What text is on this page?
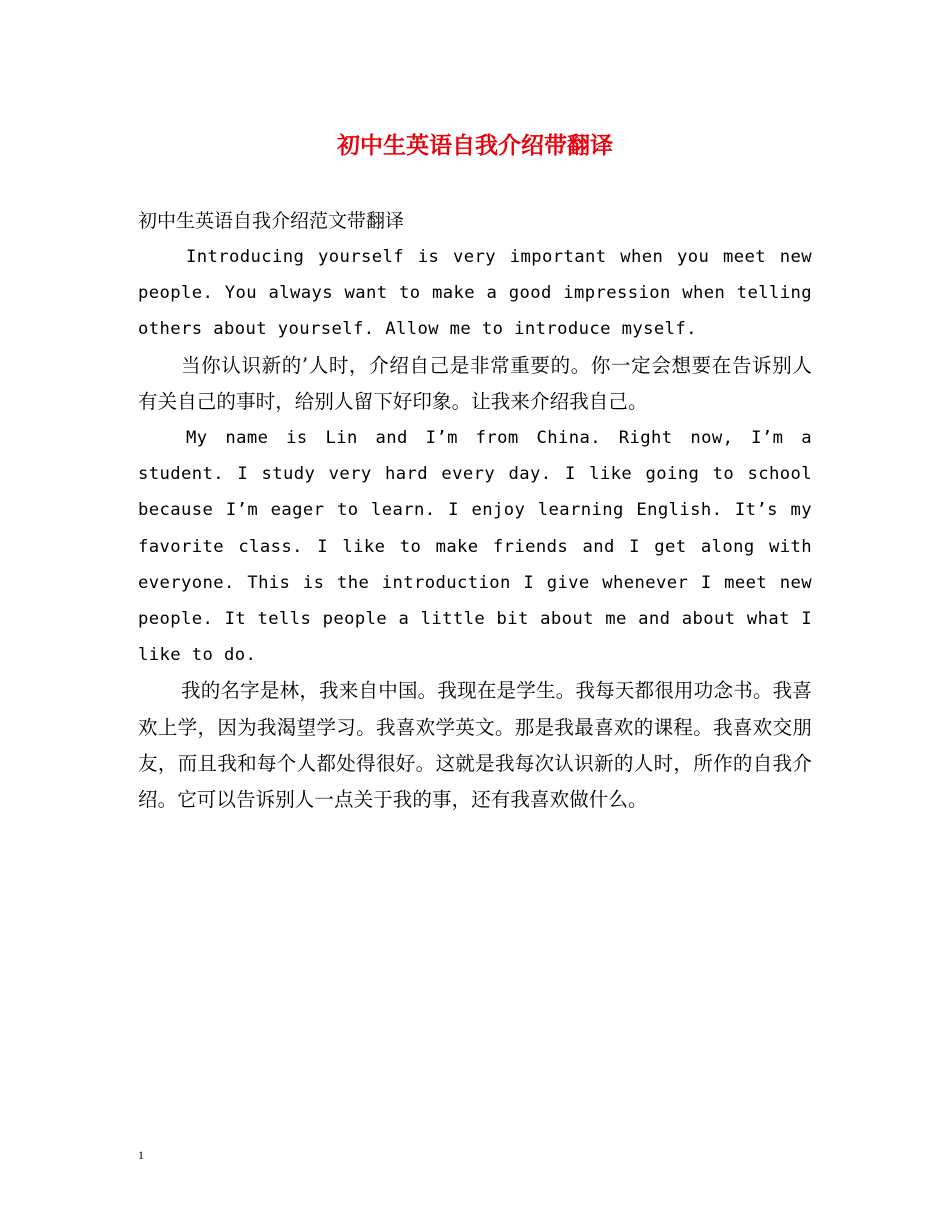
初中生英语自我介绍带翻译

初中生英语自我介绍范文带翻译

Introducing yourself is very important when you meet new people. You always want to make a good impression when telling others about yourself. Allow me to introduce myself.

当你认识新的’人时，介绍自己是非常重要的。你一定会想要在告诉别人有关自己的事时，给别人留下好印象。让我来介绍我自己。

My name is Lin and I’m from China. Right now, I’m a student. I study very hard every day. I like going to school because I’m eager to learn. I enjoy learning English. It’s my favorite class. I like to make friends and I get along with everyone. This is the introduction I give whenever I meet new people. It tells people a little bit about me and about what I like to do.

我的名字是林，我来自中国。我现在是学生。我每天都很用功念书。我喜欢上学，因为我渴望学习。我喜欢学英文。那是我最喜欢的课程。我喜欢交朋友，而且我和每个人都处得很好。这就是我每次认识新的人时，所作的自我介绍。它可以告诉别人一点关于我的事，还有我喜欢做什么。

1
